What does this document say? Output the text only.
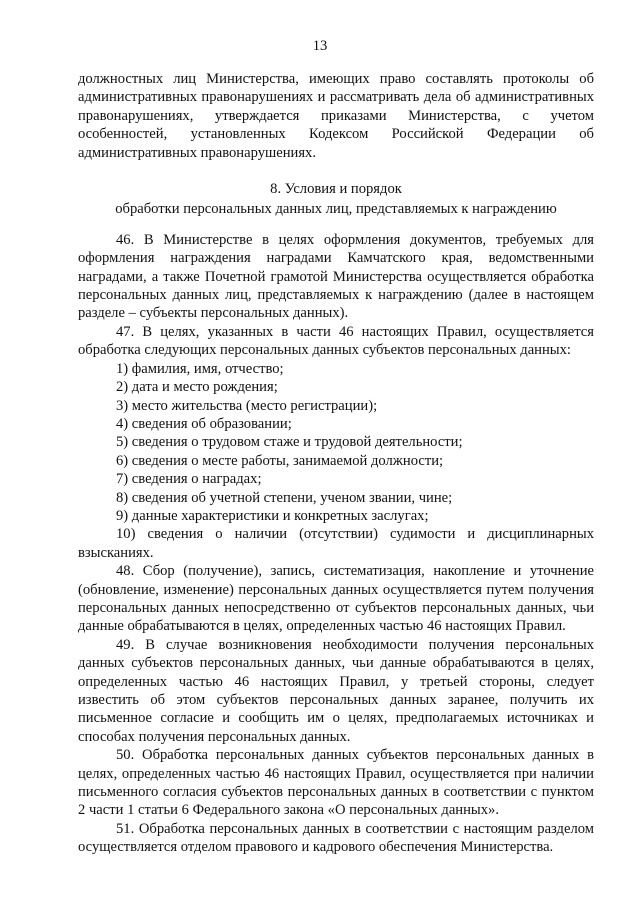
13

должностных лиц Министерства, имеющих право составлять протоколы об административных правонарушениях и рассматривать дела об административных правонарушениях, утверждается приказами Министерства, с учетом особенностей, установленных Кодексом Российской Федерации об административных правонарушениях.

8. Условия и порядок
обработки персональных данных лиц, представляемых к награждению

46. В Министерстве в целях оформления документов, требуемых для оформления награждения наградами Камчатского края, ведомственными наградами, а также Почетной грамотой Министерства осуществляется обработка персональных данных лиц, представляемых к награждению (далее в настоящем разделе – субъекты персональных данных).

47. В целях, указанных в части 46 настоящих Правил, осуществляется обработка следующих персональных данных субъектов персональных данных:

1) фамилия, имя, отчество;
2) дата и место рождения;
3) место жительства (место регистрации);
4) сведения об образовании;
5) сведения о трудовом стаже и трудовой деятельности;
6) сведения о месте работы, занимаемой должности;
7) сведения о наградах;
8) сведения об учетной степени, ученом звании, чине;
9) данные характеристики и конкретных заслугах;
10) сведения о наличии (отсутствии) судимости и дисциплинарных взысканиях.

48. Сбор (получение), запись, систематизация, накопление и уточнение (обновление, изменение) персональных данных осуществляется путем получения персональных данных непосредственно от субъектов персональных данных, чьи данные обрабатываются в целях, определенных частью 46 настоящих Правил.

49. В случае возникновения необходимости получения персональных данных субъектов персональных данных, чьи данные обрабатываются в целях, определенных частью 46 настоящих Правил, у третьей стороны, следует известить об этом субъектов персональных данных заранее, получить их письменное согласие и сообщить им о целях, предполагаемых источниках и способах получения персональных данных.

50. Обработка персональных данных субъектов персональных данных в целях, определенных частью 46 настоящих Правил, осуществляется при наличии письменного согласия субъектов персональных данных в соответствии с пунктом 2 части 1 статьи 6 Федерального закона «О персональных данных».

51. Обработка персональных данных в соответствии с настоящим разделом осуществляется отделом правового и кадрового обеспечения Министерства.
